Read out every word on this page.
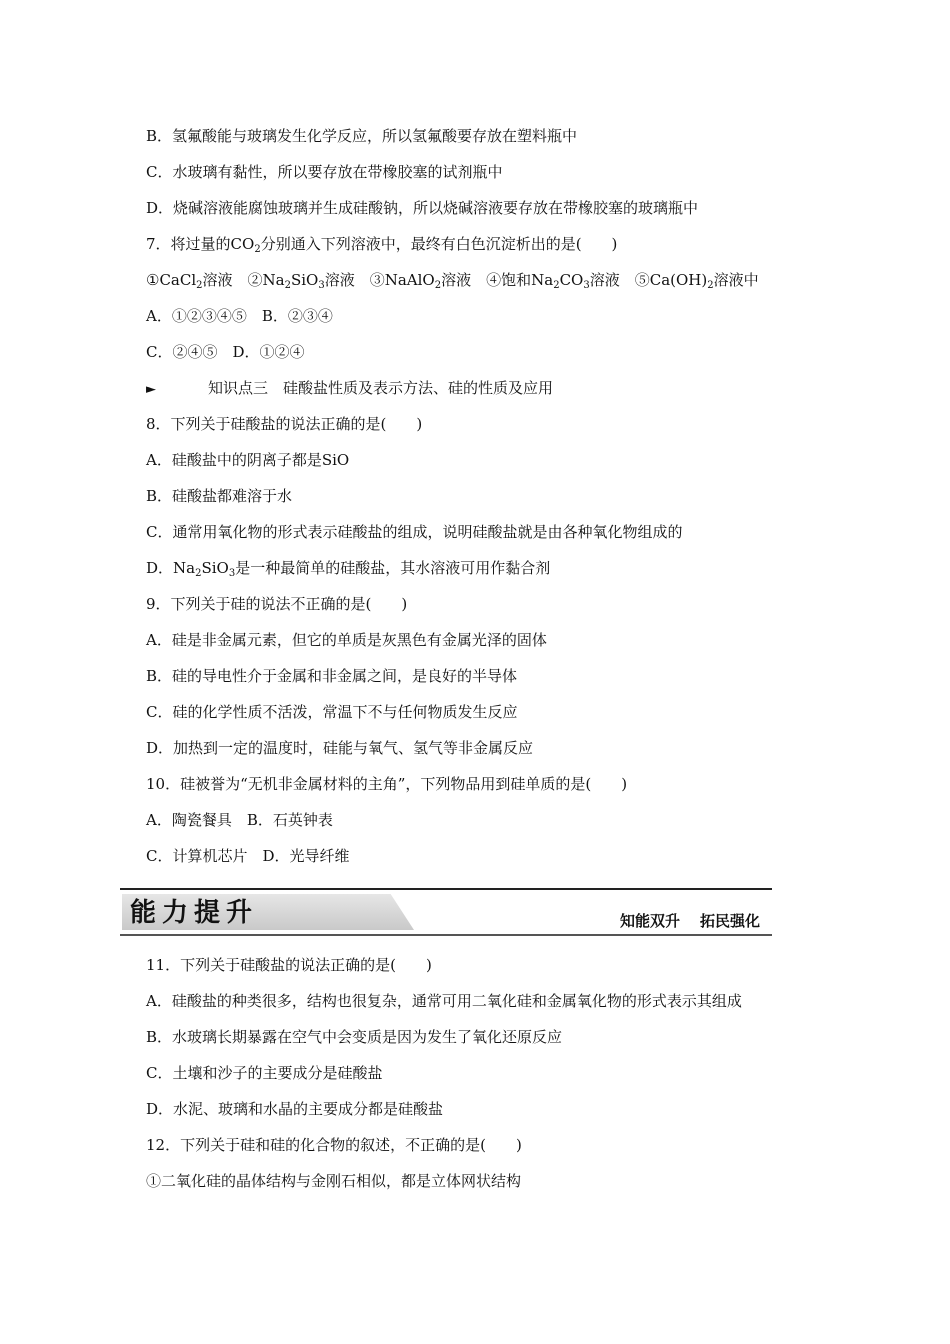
B．氢氟酸能与玻璃发生化学反应，所以氢氟酸要存放在塑料瓶中
C．水玻璃有黏性，所以要存放在带橡胶塞的试剂瓶中
D．烧碱溶液能腐蚀玻璃并生成硅酸钠，所以烧碱溶液要存放在带橡胶塞的玻璃瓶中
7．将过量的$CO_2$分别通入下列溶液中，最终有白色沉淀析出的是(　　)
①CaCl$_2$溶液　$②Na_2SiO_3$溶液　③NaAlO$_2$溶液　④饱和$Na_2CO_3$溶液　$⑤Ca(OH)_2$溶液中
A．①②③④⑤　B．②③④
C．②④⑤　D．①②④
►	知识点三　硅酸盐性质及表示方法、硅的性质及应用
8．下列关于硅酸盐的说法正确的是(　　)
A．硅酸盐中的阴离子都是SiO
B．硅酸盐都难溶于水
C．通常用氧化物的形式表示硅酸盐的组成，说明硅酸盐就是由各种氧化物组成的
D．$Na_2SiO_3$是一种最简单的硅酸盐，其水溶液可用作黏合剂
9．下列关于硅的说法不正确的是(　　)
A．硅是非金属元素，但它的单质是灰黑色有金属光泽的固体
B．硅的导电性介于金属和非金属之间，是良好的半导体
C．硅的化学性质不活泼，常温下不与任何物质发生反应
D．加热到一定的温度时，硅能与氧气、氢气等非金属反应
10．硅被誉为“无机非金属材料的主角”，下列物品用到硅单质的是(　　)
A．陶瓷餐具　B．石英钟表
C．计算机芯片　D．光导纤维
能力提升	知能双升 拓民强化
11．下列关于硅酸盐的说法正确的是(　　)
A．硅酸盐的种类很多，结构也很复杂，通常可用二氧化硅和金属氧化物的形式表示其组成
B．水玻璃长期暴露在空气中会变质是因为发生了氧化还原反应
C．土壤和沙子的主要成分是硅酸盐
D．水泥、玻璃和水晶的主要成分都是硅酸盐
12．下列关于硅和硅的化合物的叙述，不正确的是(　　)
①二氧化硅的晶体结构与金刚石相似，都是立体网状结构
